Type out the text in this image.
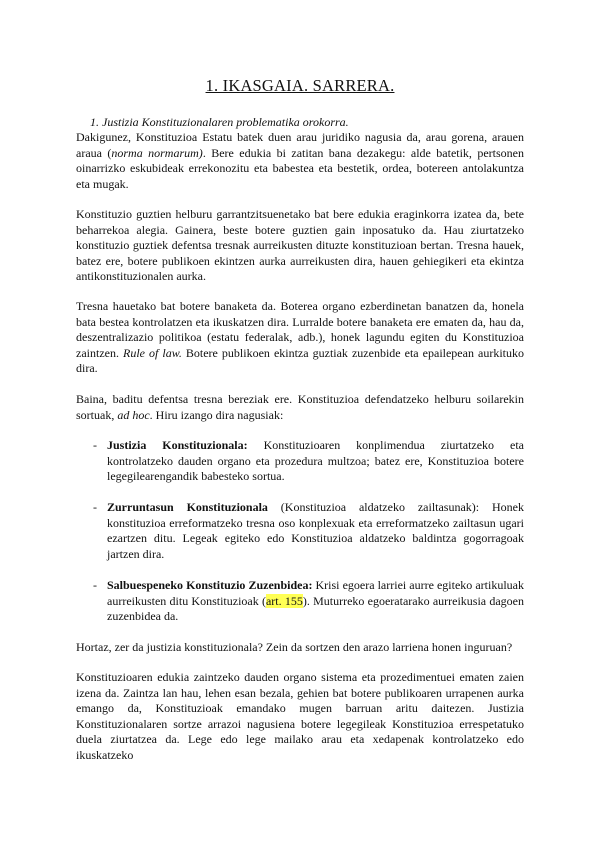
1. IKASGAIA. SARRERA.
1. Justizia Konstituzionalaren problematika orokorra.

Dakigunez, Konstituzioa Estatu batek duen arau juridiko nagusia da, arau gorena, arauen araua (norma normarum). Bere edukia bi zatitan bana dezakegu: alde batetik, pertsonen oinarrizko eskubideak errekonozitu eta babestea eta bestetik, ordea, botereen antolakuntza eta mugak.

Konstituzio guztien helburu garrantzitsuenetako bat bere edukia eraginkorra izatea da, bete beharrekoa alegia. Gainera, beste botere guztien gain inposatuko da. Hau ziurtatzeko konstituzio guztiek defentsa tresnak aurreikusten dituzte konstituzioan bertan. Tresna hauek, batez ere, botere publikoen ekintzen aurka aurreikusten dira, hauen gehiegikeri eta ekintza antikonstituzionalen aurka.

Tresna hauetako bat botere banaketa da. Boterea organo ezberdinetan banatzen da, honela bata bestea kontrolatzen eta ikuskatzen dira. Lurralde botere banaketa ere ematen da, hau da, deszentralizazio politikoa (estatu federalak, adb.), honek lagundu egiten du Konstituzioa zaintzen. Rule of law. Botere publikoen ekintza guztiak zuzenbide eta epailepean aurkituko dira.

Baina, baditu defentsa tresna bereziak ere. Konstituzioa defendatzeko helburu soilarekin sortuak, ad hoc. Hiru izango dira nagusiak:

- Justizia Konstituzionala: Konstituzioaren konplimendua ziurtatzeko eta kontrolatzeko dauden organo eta prozedura multzoa; batez ere, Konstituzioa botere legegilearengandik babesteko sortua.
- Zurruntasun Konstituzionala (Konstituzioa aldatzeko zailtasunak): Honek konstituzioa erreformatzeko tresna oso konplexuak eta erreformatzeko zailtasun ugari ezartzen ditu. Legeak egiteko edo Konstituzioa aldatzeko baldintza gogorragoak jartzen dira.
- Salbuespeneko Konstituzio Zuzenbidea: Krisi egoera larriei aurre egiteko artikuluak aurreikusten ditu Konstituzioak (art. 155). Muturreko egoeratarako aurreikusia dagoen zuzenbidea da.

Hortaz, zer da justizia konstituzionala? Zein da sortzen den arazo larriena honen inguruan?

Konstituzioaren edukia zaintzeko dauden organo sistema eta prozedimentuei ematen zaien izena da. Zaintza lan hau, lehen esan bezala, gehien bat botere publikoaren urrapenen aurka emango da, Konstituzioak emandako mugen barruan aritu daitezen. Justizia Konstituzionalaren sortze arrazoi nagusiena botere legegileak Konstituzioa errespetatuko duela ziurtatzea da. Lege edo lege mailako arau eta xedapenak kontrolatzeko edo ikuskatzeko
